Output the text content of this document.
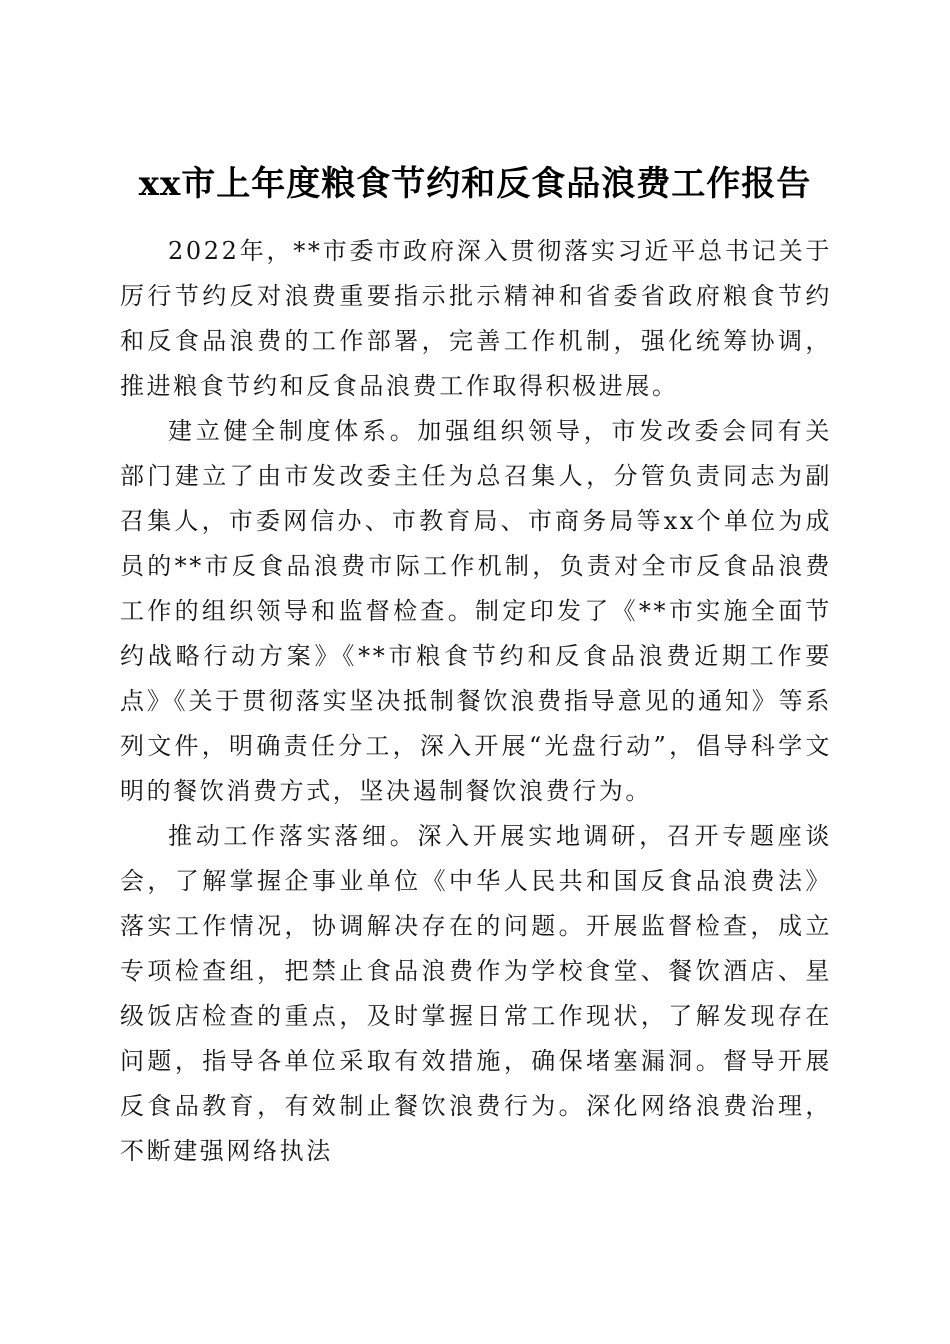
xx市上年度粮食节约和反食品浪费工作报告

2022年，**市委市政府深入贯彻落实习近平总书记关于厉行节约反对浪费重要指示批示精神和省委省政府粮食节约和反食品浪费的工作部署，完善工作机制，强化统筹协调，推进粮食节约和反食品浪费工作取得积极进展。

建立健全制度体系。加强组织领导，市发改委会同有关部门建立了由市发改委主任为总召集人，分管负责同志为副召集人，市委网信办、市教育局、市商务局等xx个单位为成员的**市反食品浪费市际工作机制，负责对全市反食品浪费工作的组织领导和监督检查。制定印发了《**市实施全面节约战略行动方案》《**市粮食节约和反食品浪费近期工作要点》《关于贯彻落实坚决抵制餐饮浪费指导意见的通知》等系列文件，明确责任分工，深入开展“光盘行动”，倡导科学文明的餐饮消费方式，坚决遏制餐饮浪费行为。

推动工作落实落细。深入开展实地调研，召开专题座谈会，了解掌握企事业单位《中华人民共和国反食品浪费法》落实工作情况，协调解决存在的问题。开展监督检查，成立专项检查组，把禁止食品浪费作为学校食堂、餐饮酒店、星级饭店检查的重点，及时掌握日常工作现状，了解发现存在问题，指导各单位采取有效措施，确保堵塞漏洞。督导开展反食品教育，有效制止餐饮浪费行为。深化网络浪费治理，不断建强网络执法
